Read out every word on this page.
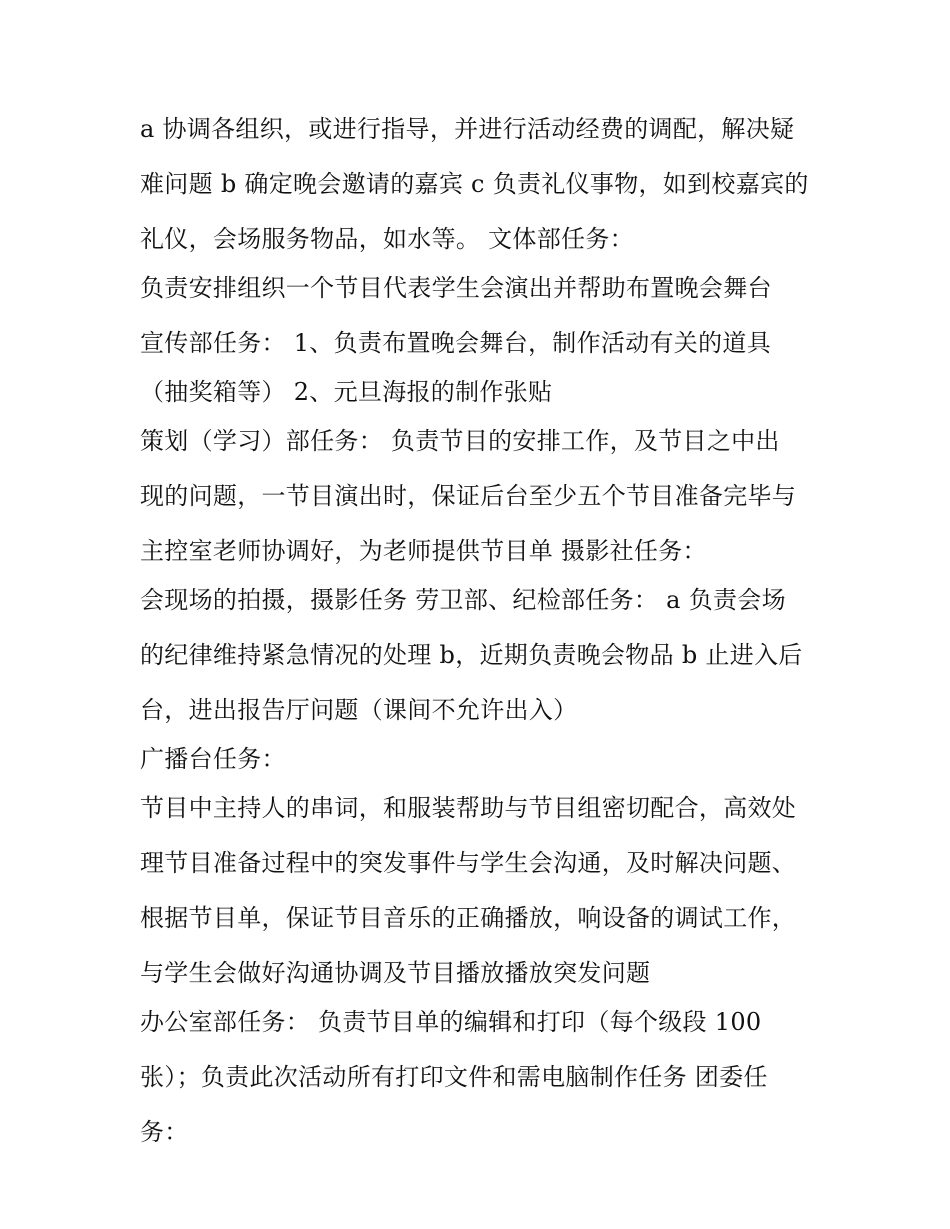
a 协调各组织，或进行指导，并进行活动经费的调配，解决疑
难问题 b 确定晚会邀请的嘉宾 c 负责礼仪事物，如到校嘉宾的
礼仪，会场服务物品，如水等。 文体部任务：
负责安排组织一个节目代表学生会演出并帮助布置晚会舞台
宣传部任务： 1、负责布置晚会舞台，制作活动有关的道具
（抽奖箱等） 2、元旦海报的制作张贴
策划（学习）部任务： 负责节目的安排工作，及节目之中出
现的问题，一节目演出时，保证后台至少五个节目准备完毕与
主控室老师协调好，为老师提供节目单 摄影社任务：
会现场的拍摄，摄影任务 劳卫部、纪检部任务： a 负责会场
的纪律维持紧急情况的处理 b，近期负责晚会物品 b 止进入后
台，进出报告厅问题（课间不允许出入）
广播台任务：
节目中主持人的串词，和服装帮助与节目组密切配合，高效处
理节目准备过程中的突发事件与学生会沟通，及时解决问题、
根据节目单，保证节目音乐的正确播放，响设备的调试工作，
与学生会做好沟通协调及节目播放播放突发问题
办公室部任务： 负责节目单的编辑和打印（每个级段 100
张）；负责此次活动所有打印文件和需电脑制作任务 团委任
务：
